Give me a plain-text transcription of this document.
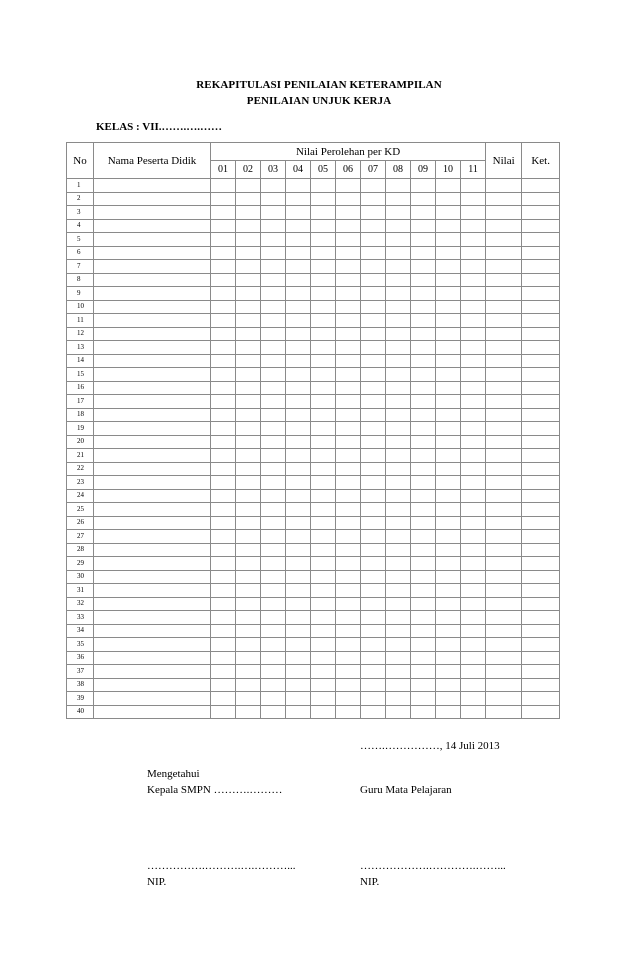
REKAPITULASI PENILAIAN KETERAMPILAN
PENILAIAN UNJUK KERJA
KELAS : VII.…….….……
No	Nama Peserta Didik	Nilai Perolehan per KD											Nilai	Ket.
		01	02	03	04	05	06	07	08	09	10	11		
1														
2														
3														
4														
5														
6														
7														
8														
9														
10														
11														
12														
13														
14														
15														
16														
17														
18														
19														
20														
21														
22														
23														
24														
25														
26														
27														
28														
29														
30														
31														
32														
33														
34														
35														
36														
37														
38														
39														
40														
…….……………, 14 Juli 2013
Mengetahui
Kepala SMPN ……….………	Guru Mata Pelajaran
…………….……….….………...	……………….………….……...
NIP.	NIP.
